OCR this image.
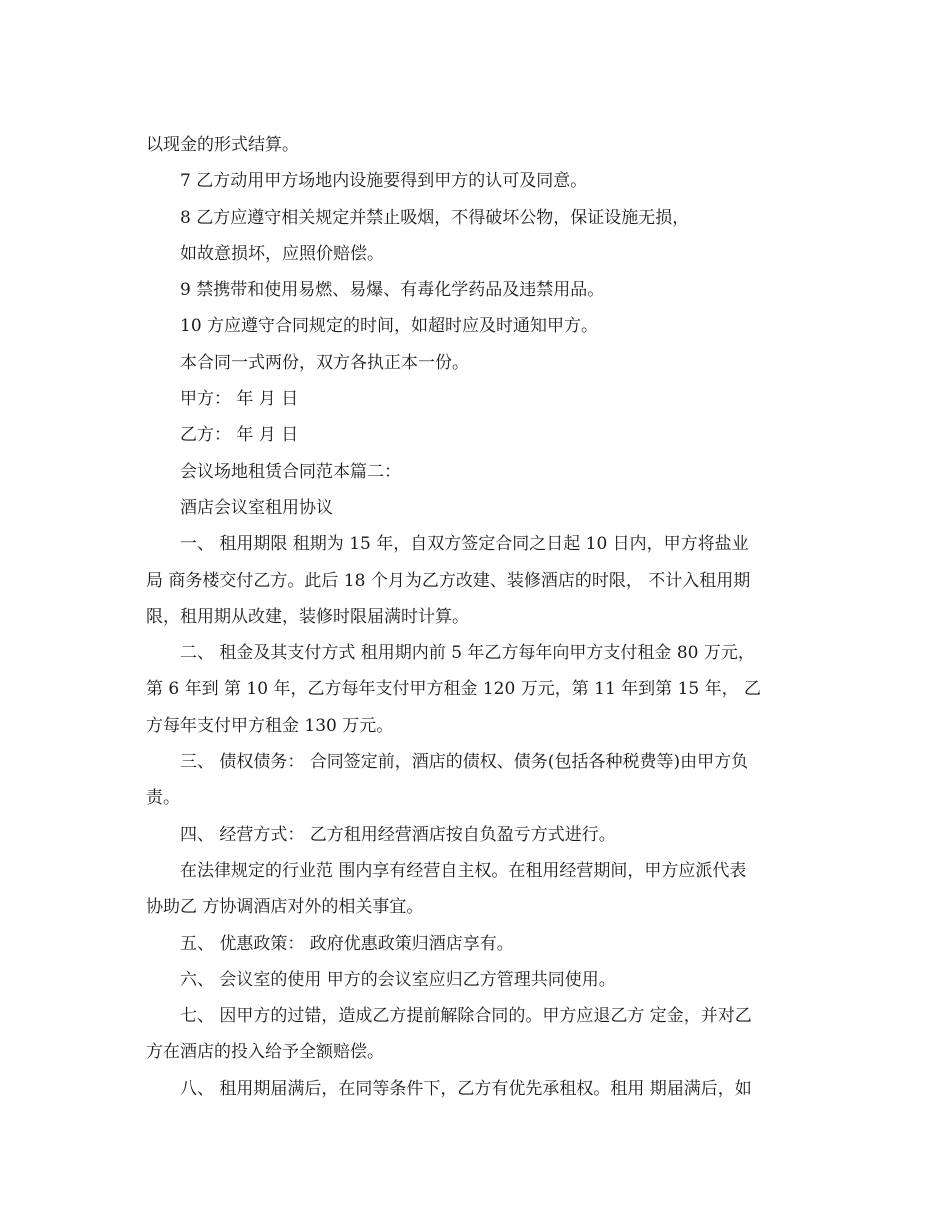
以现金的形式结算。

7 乙方动用甲方场地内设施要得到甲方的认可及同意。

8 乙方应遵守相关规定并禁止吸烟，不得破坏公物，保证设施无损，

如故意损坏，应照价赔偿。

9 禁携带和使用易燃、易爆、有毒化学药品及违禁用品。

10 方应遵守合同规定的时间，如超时应及时通知甲方。

本合同一式两份，双方各执正本一份。

甲方： 年 月 日

乙方： 年 月 日

会议场地租赁合同范本篇二：

酒店会议室租用协议

一、 租用期限 租期为 15 年，自双方签定合同之日起 10 日内，甲方将盐业

局 商务楼交付乙方。此后 18 个月为乙方改建、装修酒店的时限， 不计入租用期

限，租用期从改建，装修时限届满时计算。

二、 租金及其支付方式 租用期内前 5 年乙方每年向甲方支付租金 80 万元，

第 6 年到 第 10 年，乙方每年支付甲方租金 120 万元，第 11 年到第 15 年， 乙

方每年支付甲方租金 130 万元。

三、 债权债务： 合同签定前，酒店的债权、债务(包括各种税费等)由甲方负

责。

四、 经营方式： 乙方租用经营酒店按自负盈亏方式进行。

在法律规定的行业范 围内享有经营自主权。在租用经营期间，甲方应派代表

协助乙 方协调酒店对外的相关事宜。

五、 优惠政策： 政府优惠政策归酒店享有。

六、 会议室的使用 甲方的会议室应归乙方管理共同使用。

七、 因甲方的过错，造成乙方提前解除合同的。甲方应退乙方 定金，并对乙

方在酒店的投入给予全额赔偿。

八、 租用期届满后，在同等条件下，乙方有优先承租权。租用 期届满后，如
